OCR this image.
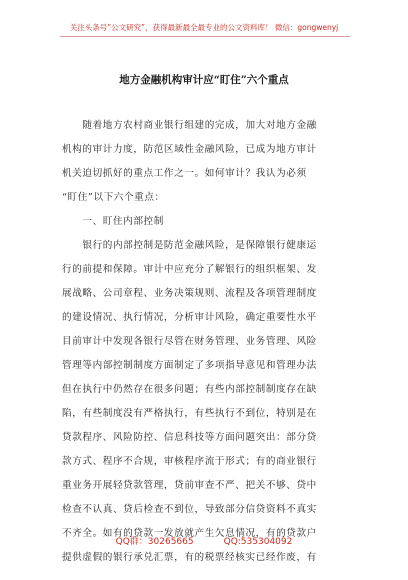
关注头条号“公文研究”，获得最新最全最专业的公文资料库！ 微信：gongwenyj
地方金融机构审计应“盯住”六个重点

　　随着地方农村商业银行组建的完成，加大对地方金融
机构的审计力度，防范区域性金融风险，已成为地方审计
机关迫切抓好的重点工作之一。如何审计？我认为必须
“盯住”以下六个重点：

　　一、盯住内部控制

　　银行的内部控制是防范金融风险，是保障银行健康运
行的前提和保障。审计中应充分了解银行的组织框架、发
展战略、公司章程、业务决策规则、流程及各项管理制度
的建设情况、执行情况，分析审计风险，确定重要性水平
目前审计中发现各银行尽管在财务管理、业务管理、风险
管理等内部控制制度方面制定了多项指导意见和管理办法
但在执行中仍然存在很多问题；有些内部控制制度存在缺
陷，有些制度没有严格执行，有些执行不到位，特别是在
贷款程序、风险防控、信息科技等方面问题突出：部分贷
款方式、程序不合规，审核程序流于形式；有的商业银行
重业务开展轻贷款管理，贷前审查不严、把关不够、贷中
检查不认真、贷后检查不到位，导致部分信贷资料不真实
不齐全。如有的贷款一发放就产生欠息情况，有的贷款户
提供虚假的银行承兑汇票，有的税票经核实已经作废，有

QQ群：30265665	QQ:535304092
